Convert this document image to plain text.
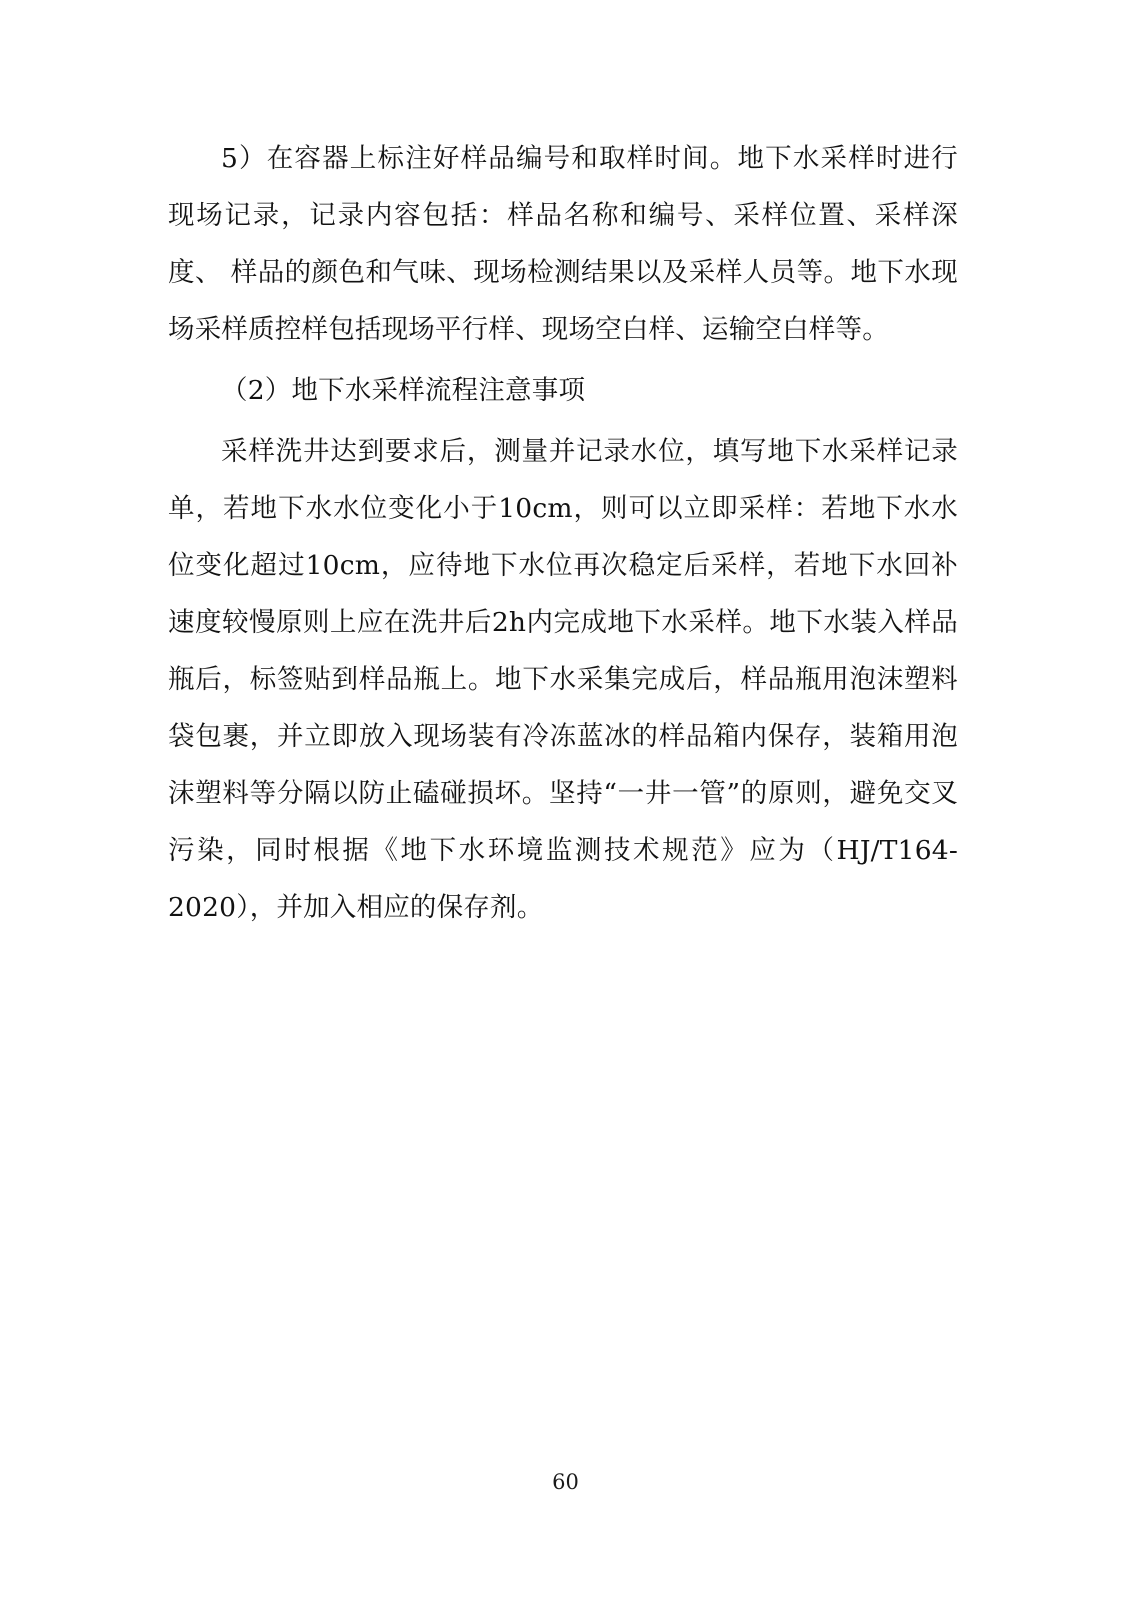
5）在容器上标注好样品编号和取样时间。地下水采样时进行 现场记录，记录内容包括：样品名称和编号、采样位置、采样深度、 样品的颜色和气味、现场检测结果以及采样人员等。地下水现场采样质控样包括现场平行样、现场空白样、运输空白样等。

（2）地下水采样流程注意事项

采样洗井达到要求后，测量并记录水位，填写地下水采样记录单，若地下水水位变化小于10cm，则可以立即采样：若地下水水位变化超过10cm，应待地下水位再次稳定后采样，若地下水回补速度较慢原则上应在洗井后2h内完成地下水采样。地下水装入样品瓶后，标签贴到样品瓶上。地下水采集完成后，样品瓶用泡沫塑料袋包裹，并立即放入现场装有冷冻蓝冰的样品箱内保存，装箱用泡沫塑料等分隔以防止磕碰损坏。坚持“一井一管”的原则，避免交叉污染，同时根据《地下水环境监测技术规范》应为（HJ/T164-2020），并加入相应的保存剂。

60
